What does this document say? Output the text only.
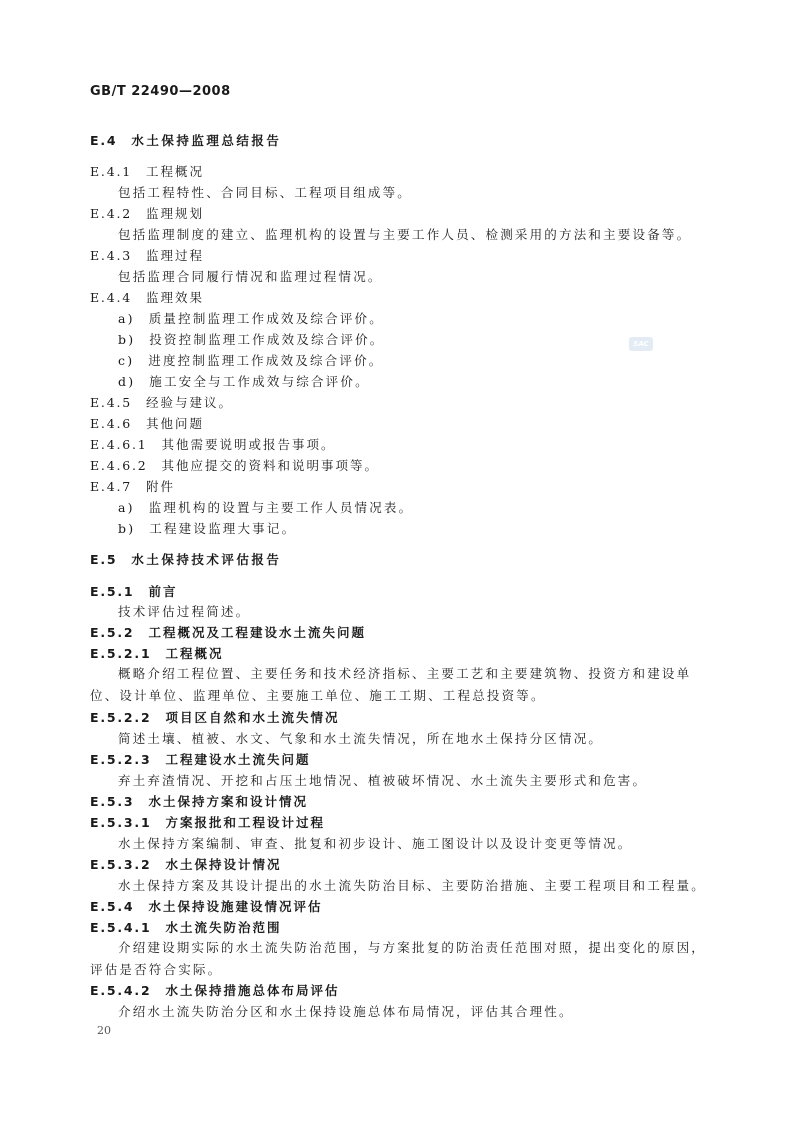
GB/T 22490—2008
SAC
E.4 水土保持监理总结报告
E.4.1 工程概况
包括工程特性、合同目标、工程项目组成等。
E.4.2 监理规划
包括监理制度的建立、监理机构的设置与主要工作人员、检测采用的方法和主要设备等。
E.4.3 监理过程
包括监理合同履行情况和监理过程情况。
E.4.4 监理效果
a) 质量控制监理工作成效及综合评价。
b) 投资控制监理工作成效及综合评价。
c) 进度控制监理工作成效及综合评价。
d) 施工安全与工作成效与综合评价。
E.4.5 经验与建议。
E.4.6 其他问题
E.4.6.1 其他需要说明或报告事项。
E.4.6.2 其他应提交的资料和说明事项等。
E.4.7 附件
a) 监理机构的设置与主要工作人员情况表。
b) 工程建设监理大事记。
E.5 水土保持技术评估报告
E.5.1 前言
技术评估过程简述。
E.5.2 工程概况及工程建设水土流失问题
E.5.2.1 工程概况
概略介绍工程位置、主要任务和技术经济指标、主要工艺和主要建筑物、投资方和建设单位、设计单位、监理单位、主要施工单位、施工工期、工程总投资等。
E.5.2.2 项目区自然和水土流失情况
简述土壤、植被、水文、气象和水土流失情况，所在地水土保持分区情况。
E.5.2.3 工程建设水土流失问题
弃土弃渣情况、开挖和占压土地情况、植被破坏情况、水土流失主要形式和危害。
E.5.3 水土保持方案和设计情况
E.5.3.1 方案报批和工程设计过程
水土保持方案编制、审查、批复和初步设计、施工图设计以及设计变更等情况。
E.5.3.2 水土保持设计情况
水土保持方案及其设计提出的水土流失防治目标、主要防治措施、主要工程项目和工程量。
E.5.4 水土保持设施建设情况评估
E.5.4.1 水土流失防治范围
介绍建设期实际的水土流失防治范围，与方案批复的防治责任范围对照，提出变化的原因，评估是否符合实际。
E.5.4.2 水土保持措施总体布局评估
介绍水土流失防治分区和水土保持设施总体布局情况，评估其合理性。
20
